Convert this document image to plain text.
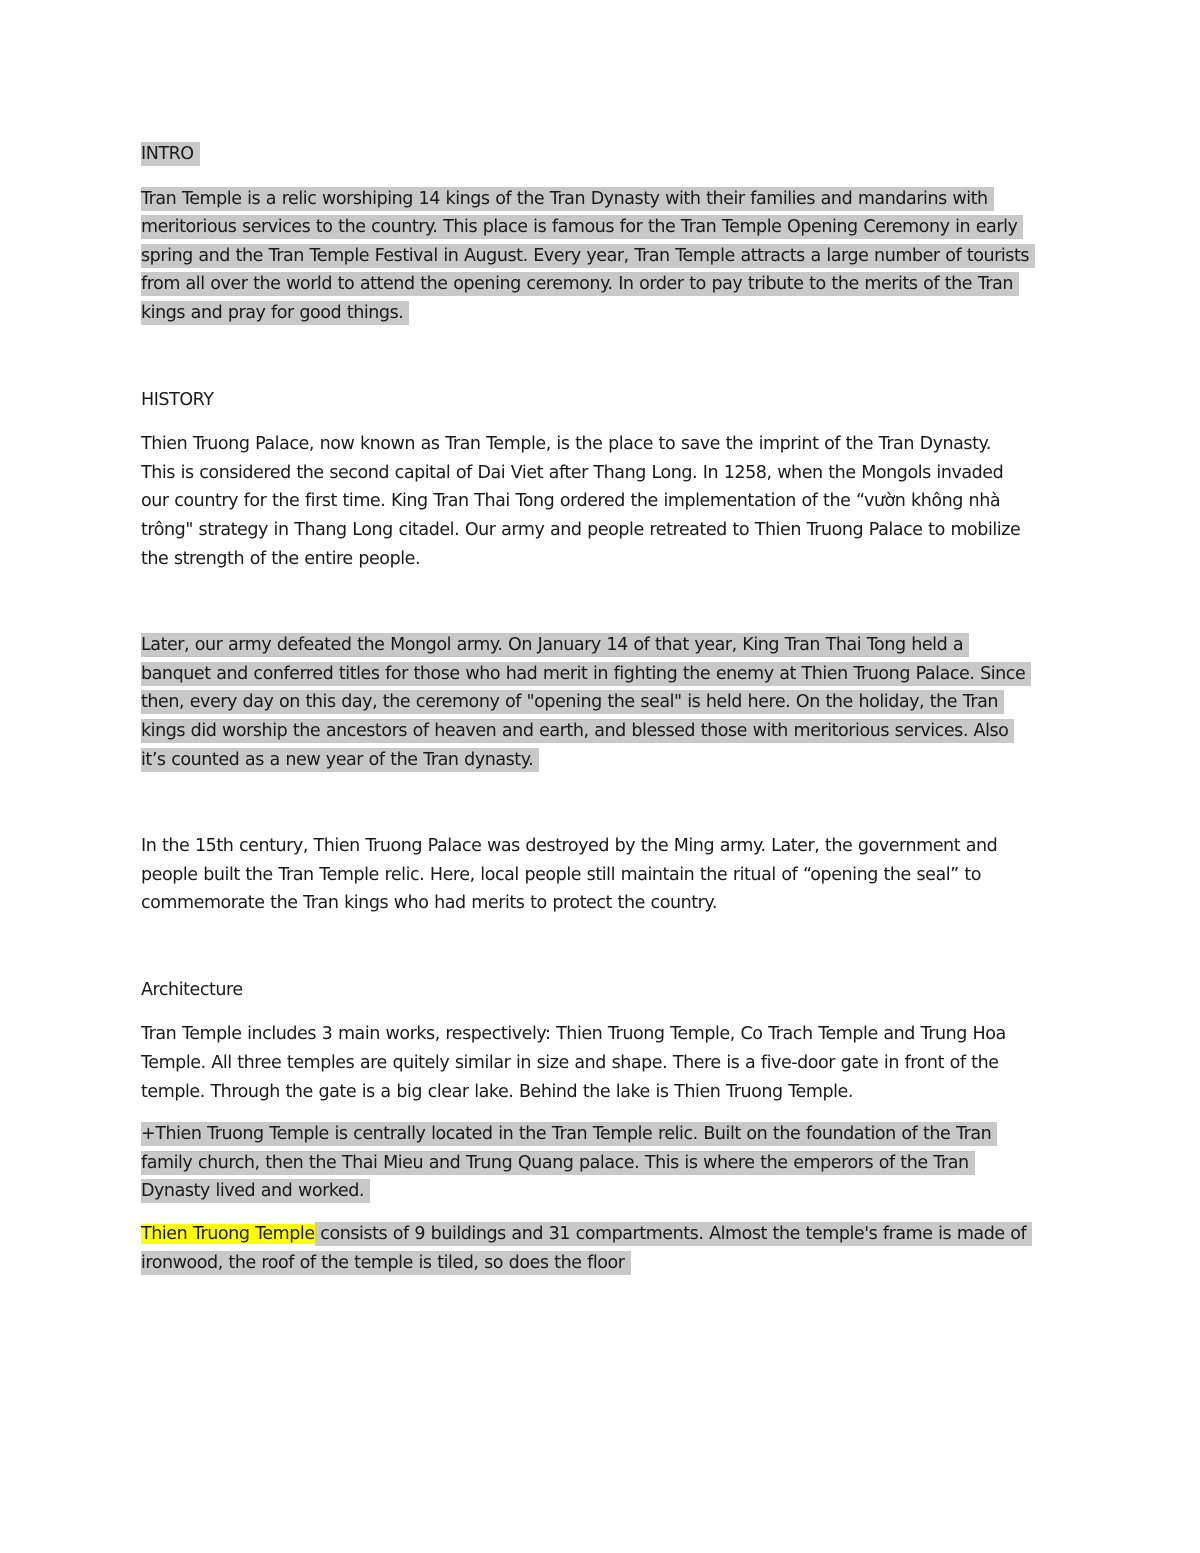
INTRO
Tran Temple is a relic worshiping 14 kings of the Tran Dynasty with their families and mandarins with
meritorious services to the country. This place is famous for the Tran Temple Opening Ceremony in early
spring and the Tran Temple Festival in August. Every year, Tran Temple attracts a large number of tourists
from all over the world to attend the opening ceremony. In order to pay tribute to the merits of the Tran
kings and pray for good things.
HISTORY
Thien Truong Palace, now known as Tran Temple, is the place to save the imprint of the Tran Dynasty.
This is considered the second capital of Dai Viet after Thang Long. In 1258, when the Mongols invaded
our country for the first time. King Tran Thai Tong ordered the implementation of the “vườn không nhà
trông" strategy in Thang Long citadel. Our army and people retreated to Thien Truong Palace to mobilize
the strength of the entire people.
Later, our army defeated the Mongol army. On January 14 of that year, King Tran Thai Tong held a
banquet and conferred titles for those who had merit in fighting the enemy at Thien Truong Palace. Since
then, every day on this day, the ceremony of "opening the seal" is held here. On the holiday, the Tran
kings did worship the ancestors of heaven and earth, and blessed those with meritorious services. Also
it’s counted as a new year of the Tran dynasty.
In the 15th century, Thien Truong Palace was destroyed by the Ming army. Later, the government and
people built the Tran Temple relic. Here, local people still maintain the ritual of “opening the seal” to
commemorate the Tran kings who had merits to protect the country.
Architecture
Tran Temple includes 3 main works, respectively: Thien Truong Temple, Co Trach Temple and Trung Hoa
Temple. All three temples are quitely similar in size and shape. There is a five-door gate in front of the
temple. Through the gate is a big clear lake. Behind the lake is Thien Truong Temple.
+Thien Truong Temple is centrally located in the Tran Temple relic. Built on the foundation of the Tran
family church, then the Thai Mieu and Trung Quang palace. This is where the emperors of the Tran
Dynasty lived and worked.
Thien Truong Temple consists of 9 buildings and 31 compartments. Almost the temple's frame is made of
ironwood, the roof of the temple is tiled, so does the floor
